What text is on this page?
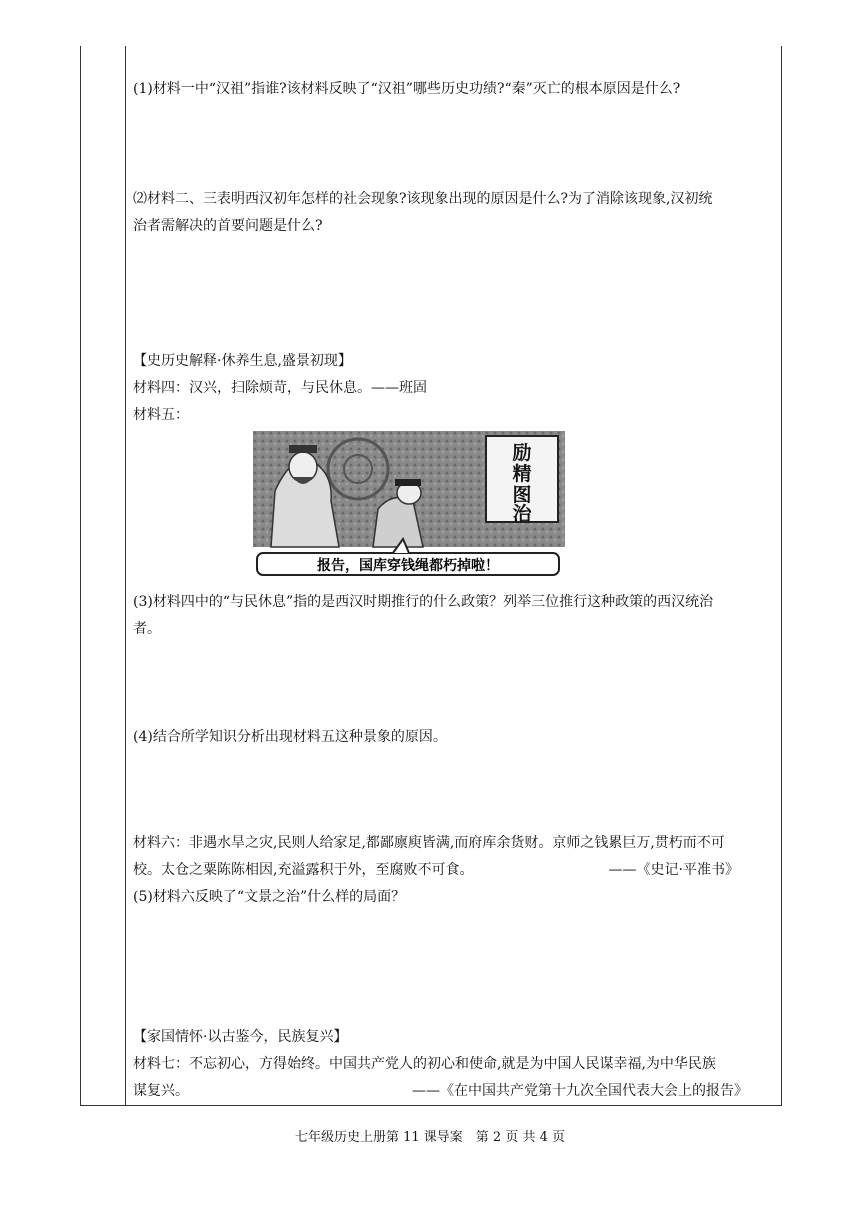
(1)材料一中“汉祖”指谁?该材料反映了“汉祖”哪些历史功绩?“秦”灭亡的根本原因是什么?

⑵材料二、三表明西汉初年怎样的社会现象?该现象出现的原因是什么?为了消除该现象,汉初统

治者需解决的首要问题是什么?

【史历史解释·休养生息,盛景初现】

材料四：汉兴，扫除烦苛，与民休息。——班固

材料五：

励
精
图
治
报告，国库穿钱绳都朽掉啦！

(3)材料四中的“与民休息”指的是西汉时期推行的什么政策？列举三位推行这种政策的西汉统治

者。

(4)结合所学知识分析出现材料五这种景象的原因。

材料六：非遇水旱之灾,民则人给家足,都鄙廪庾皆满,而府库余货财。京师之钱累巨万,贯朽而不可

校。太仓之粟陈陈相因,充溢露积于外，至腐败不可食。	——《史记·平准书》

(5)材料六反映了“文景之治”什么样的局面？

【家国情怀·以古鉴今，民族复兴】

材料七：不忘初心，方得始终。中国共产党人的初心和使命,就是为中国人民谋幸福,为中华民族

谋复兴。	——《在中国共产党第十九次全国代表大会上的报告》

七年级历史上册第 11 课导案　第 2 页 共 4 页
